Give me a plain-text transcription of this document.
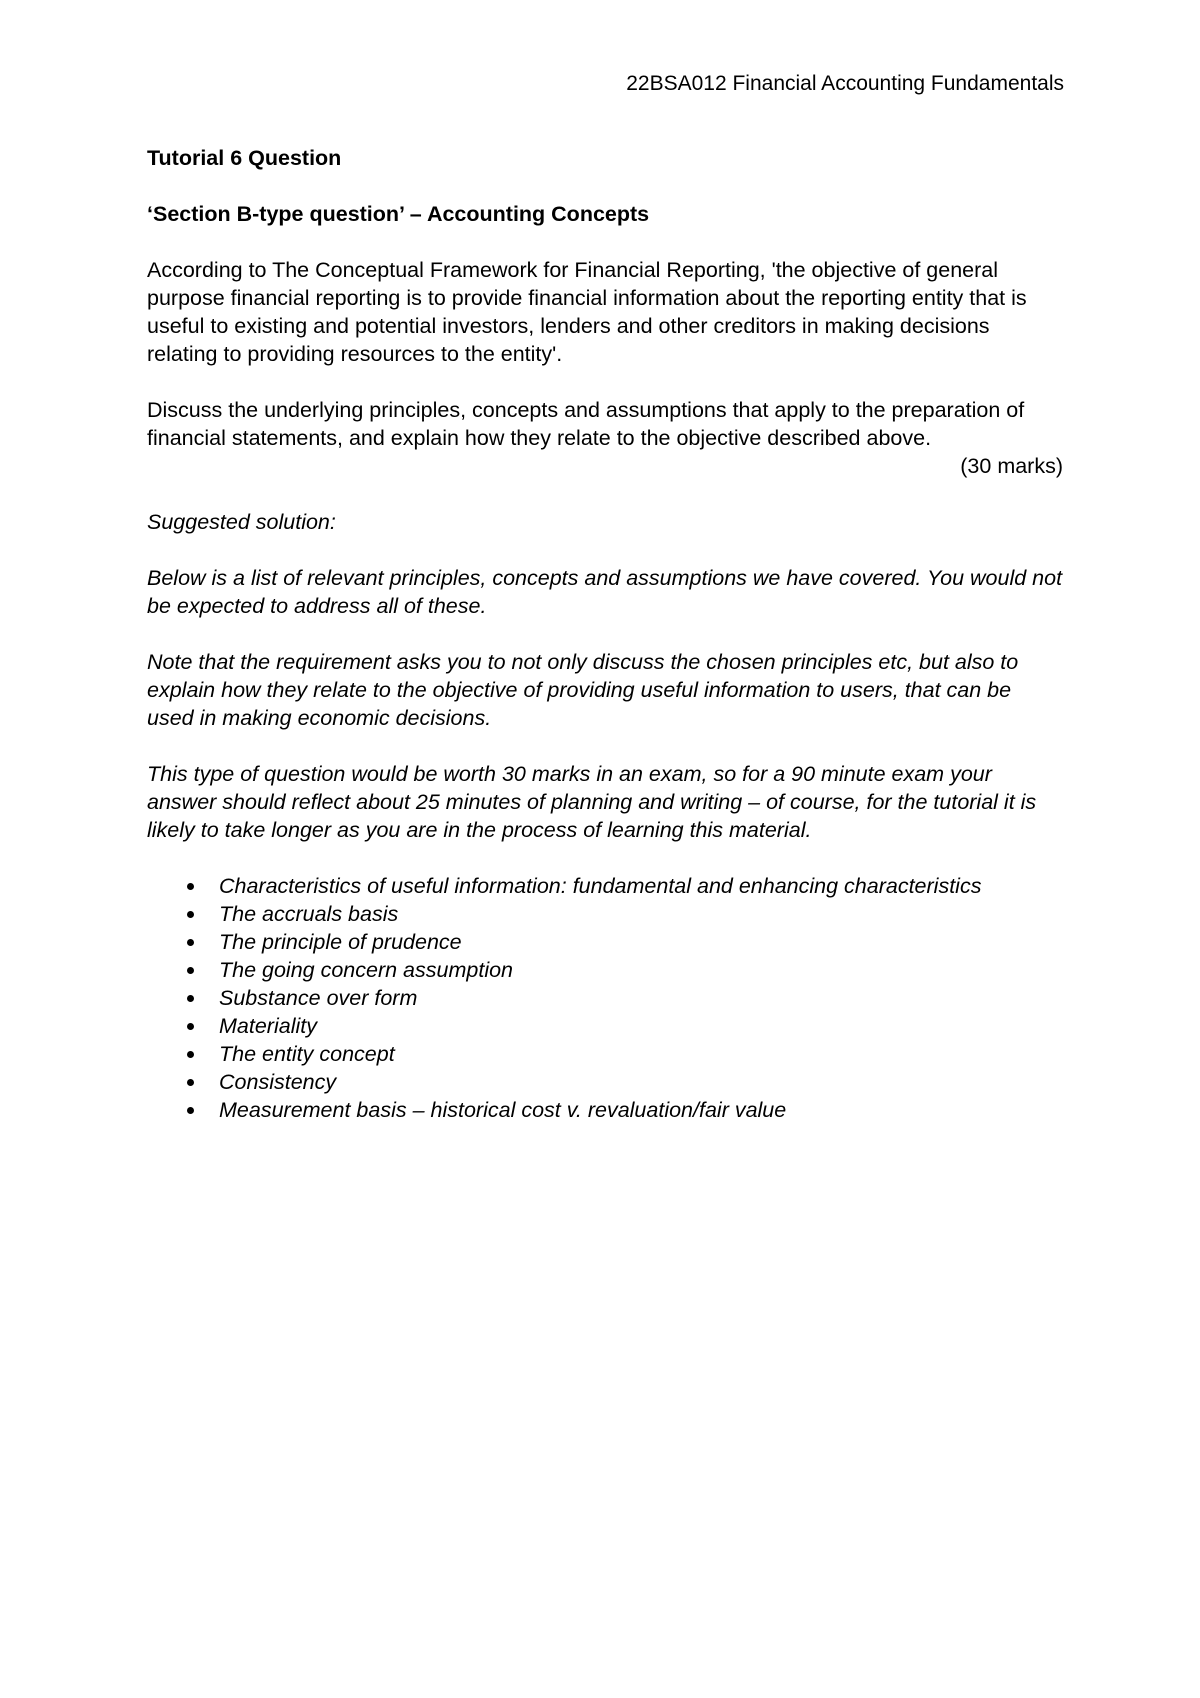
22BSA012 Financial Accounting Fundamentals

Tutorial 6 Question

‘Section B-type question’ – Accounting Concepts

According to The Conceptual Framework for Financial Reporting, 'the objective of general purpose financial reporting is to provide financial information about the reporting entity that is useful to existing and potential investors, lenders and other creditors in making decisions relating to providing resources to the entity'.

Discuss the underlying principles, concepts and assumptions that apply to the preparation of financial statements, and explain how they relate to the objective described above.

(30 marks)

Suggested solution:

Below is a list of relevant principles, concepts and assumptions we have covered. You would not be expected to address all of these.

Note that the requirement asks you to not only discuss the chosen principles etc, but also to explain how they relate to the objective of providing useful information to users, that can be used in making economic decisions.

This type of question would be worth 30 marks in an exam, so for a 90 minute exam your answer should reflect about 25 minutes of planning and writing – of course, for the tutorial it is likely to take longer as you are in the process of learning this material.

Characteristics of useful information: fundamental and enhancing characteristics
The accruals basis
The principle of prudence
The going concern assumption
Substance over form
Materiality
The entity concept
Consistency
Measurement basis – historical cost v. revaluation/fair value
